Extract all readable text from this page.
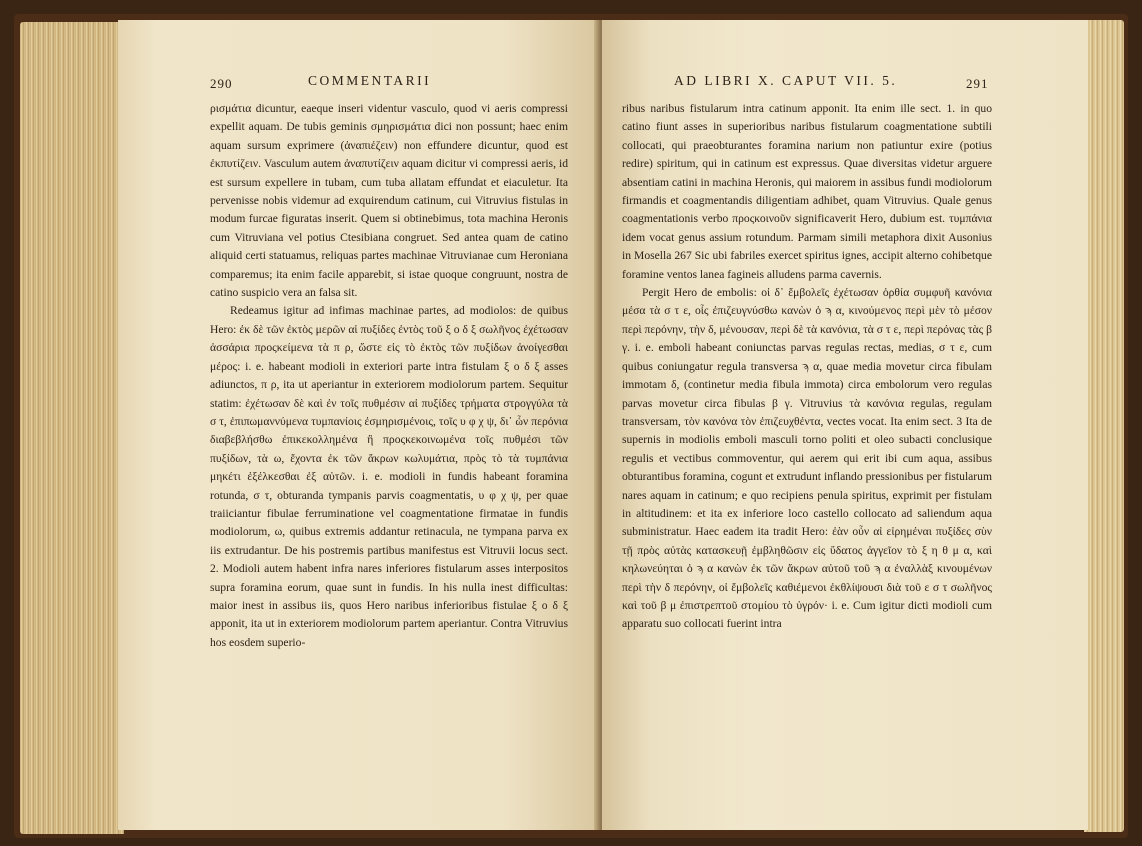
290	COMMENTARII

ρισμάτια dicuntur, eaeque inseri videntur vasculo, quod vi aeris compressi expellit aquam. De tubis geminis σμηρισμάτια dici non possunt; haec enim aquam sursum exprimere (ἀναπιέζειν) non effundere dicuntur, quod est ἐκπυτίζειν. Vasculum autem ἀναπυτίζειν aquam dicitur vi compressi aeris, id est sursum expellere in tubam, cum tuba allatam effundat et eiaculetur. Ita pervenisse nobis videmur ad exquirendum catinum, cui Vitruvius fistulas in modum furcae figuratas inserit. Quem si obtinebimus, tota machina Heronis cum Vitruviana vel potius Ctesibiana congruet. Sed antea quam de catino aliquid certi statuamus, reliquas partes machinae Vitruvianae cum Heroniana comparemus; ita enim facile apparebit, si istae quoque congruunt, nostra de catino suspicio vera an falsa sit.

Redeamus igitur ad infimas machinae partes, ad modiolos: de quibus Hero: ἐκ δὲ τῶν ἐκτὸς μερῶν αἱ πυξίδες ἐντὸς τοῦ ξ ο δ ξ σωλῆνος ἐχέτωσαν ἀσσάρια προςκείμενα τὰ π ρ, ὥστε εἰς τὸ ἐκτὸς τῶν πυξίδων ἀνοίγεσθαι μέρος: i. e. habeant modioli in exteriori parte intra fistulam ξ ο δ ξ asses adiunctos, π ρ, ita ut aperiantur in exteriorem modiolorum partem. Sequitur statim: ἐχέτωσαν δὲ καὶ ἐν τοῖς πυθμέσιν αἱ πυξίδες τρήματα στρογγύλα τὰ σ τ, ἐπιπωμαννύμενα τυμπανίοις ἐσμηρισμένοις, τοῖς υ φ χ ψ, δι᾽ ὧν περόνια διαβεβλήσθω ἐπικεκολλημένα ἢ προςκεκοινωμένα τοῖς πυθμέσι τῶν πυξίδων, τὰ ω, ἔχοντα ἐκ τῶν ἄκρων κωλυμάτια, πρὸς τὸ τὰ τυμπάνια μηκέτι ἐξέλκεσθαι ἐξ αὐτῶν. i. e. modioli in fundis habeant foramina rotunda, σ τ, obturanda tympanis parvis coagmentatis, υ φ χ ψ, per quae traiiciantur fibulae ferruminatione vel coagmentatione firmatae in fundis modiolorum, ω, quibus extremis addantur retinacula, ne tympana parva ex iis extrudantur. De his postremis partibus manifestus est Vitruvii locus sect. 2. Modioli autem habent infra nares inferiores fistularum asses interpositos supra foramina eorum, quae sunt in fundis. In his nulla inest difficultas: maior inest in assibus iis, quos Hero naribus inferioribus fistulae ξ ο δ ξ apponit, ita ut in exteriorem modiolorum partem aperiantur. Contra Vitruvius hos eosdem superio-

AD LIBRI X. CAPUT VII. 5.	291

ribus naribus fistularum intra catinum apponit. Ita enim ille sect. 1. in quo catino fiunt asses in superioribus naribus fistularum coagmentatione subtili collocati, qui praeobturantes foramina narium non patiuntur exire (potius redire) spiritum, qui in catinum est expressus. Quae diversitas videtur arguere absentiam catini in machina Heronis, qui maiorem in assibus fundi modiolorum firmandis et coagmentandis diligentiam adhibet, quam Vitruvius. Quale genus coagmentationis verbo προςκοινοῦν significaverit Hero, dubium est. τυμπάνια idem vocat genus assium rotundum. Parmam simili metaphora dixit Ausonius in Mosella 267 Sic ubi fabriles exercet spiritus ignes, accipit alterno cohibetque foramine ventos lanea fagineis alludens parma cavernis.

Pergit Hero de embolis: οἱ δ᾽ ἔμβολεῖς ἐχέτωσαν ὀρθία συμφυῆ κανόνια μέσα τὰ σ τ ε, οἷς ἐπιζευγνύσθω κανὼν ὁ ϡ α, κινούμενος περὶ μὲν τὸ μέσον περὶ περόνην, τὴν δ, μένουσαν, περὶ δὲ τὰ κανόνια, τὰ σ τ ε, περὶ περόνας τὰς β γ. i. e. emboli habeant coniunctas parvas regulas rectas, medias, σ τ ε, cum quibus coniungatur regula transversa ϡ α, quae media movetur circa fibulam immotam δ, (continetur media fibula immota) circa embolorum vero regulas parvas movetur circa fibulas β γ. Vitruvius τὰ κανόνια regulas, regulam transversam, τὸν κανόνα τὸν ἐπιζευχθέντα, vectes vocat. Ita enim sect. 3 Ita de supernis in modiolis emboli masculi torno politi et oleo subacti conclusique regulis et vectibus commoventur, qui aerem qui erit ibi cum aqua, assibus obturantibus foramina, cogunt et extrudunt inflando pressionibus per fistularum nares aquam in catinum; e quo recipiens penula spiritus, exprimit per fistulam in altitudinem: et ita ex inferiore loco castello collocato ad saliendum aqua subministratur. Haec eadem ita tradit Hero: ἐὰν οὖν αἱ εἰρημέναι πυξίδες σὺν τῇ πρὸς αὐτὰς κατασκευῇ ἐμβληθῶσιν εἰς ὕδατος ἀγγεῖον τὸ ξ η θ μ α, καὶ κηλωνεύηται ὁ ϡ α κανὼν ἐκ τῶν ἄκρων αὐτοῦ τοῦ ϡ α ἐναλλὰξ κινουμένων περὶ τὴν δ περόνην, οἱ ἔμβολεῖς καθιέμενοι ἐκθλίψουσι διὰ τοῦ ε σ τ σωλῆνος καὶ τοῦ β μ ἐπιστρεπτοῦ στομίου τὸ ὑγρόν· i. e. Cum igitur dicti modioli cum apparatu suo collocati fuerint intra
